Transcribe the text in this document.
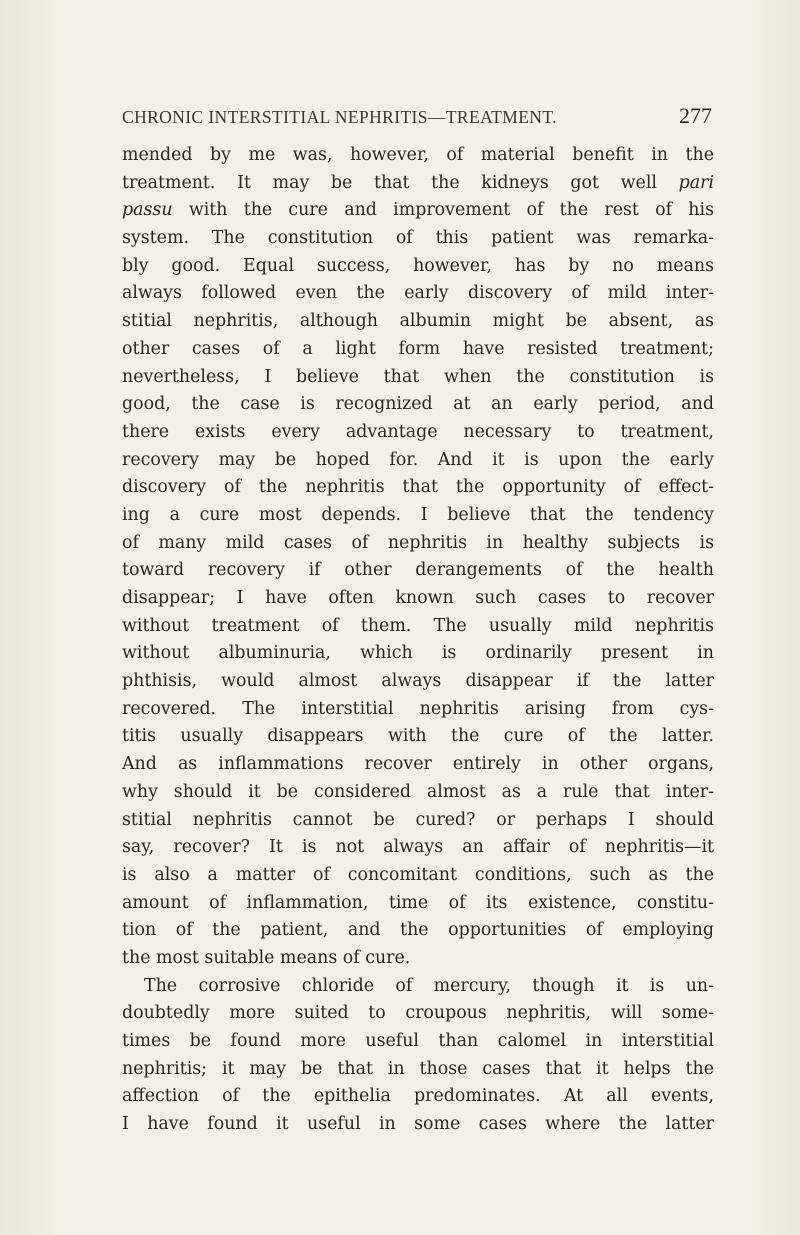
CHRONIC INTERSTITIAL NEPHRITIS—TREATMENT.	277
mended by me was, however, of material benefit in the
treatment. It may be that the kidneys got well pari
passu with the cure and improvement of the rest of his
system. The constitution of this patient was remarka-
bly good. Equal success, however, has by no means
always followed even the early discovery of mild inter-
stitial nephritis, although albumin might be absent, as
other cases of a light form have resisted treatment;
nevertheless, I believe that when the constitution is
good, the case is recognized at an early period, and
there exists every advantage necessary to treatment,
recovery may be hoped for. And it is upon the early
discovery of the nephritis that the opportunity of effect-
ing a cure most depends. I believe that the tendency
of many mild cases of nephritis in healthy subjects is
toward recovery if other derangements of the health
disappear; I have often known such cases to recover
without treatment of them. The usually mild nephritis
without albuminuria, which is ordinarily present in
phthisis, would almost always disappear if the latter
recovered. The interstitial nephritis arising from cys-
titis usually disappears with the cure of the latter.
And as inflammations recover entirely in other organs,
why should it be considered almost as a rule that inter-
stitial nephritis cannot be cured? or perhaps I should
say, recover? It is not always an affair of nephritis—it
is also a matter of concomitant conditions, such as the
amount of inflammation, time of its existence, constitu-
tion of the patient, and the opportunities of employing
the most suitable means of cure.
The corrosive chloride of mercury, though it is un-
doubtedly more suited to croupous nephritis, will some-
times be found more useful than calomel in interstitial
nephritis; it may be that in those cases that it helps the
affection of the epithelia predominates. At all events,
I have found it useful in some cases where the latter
